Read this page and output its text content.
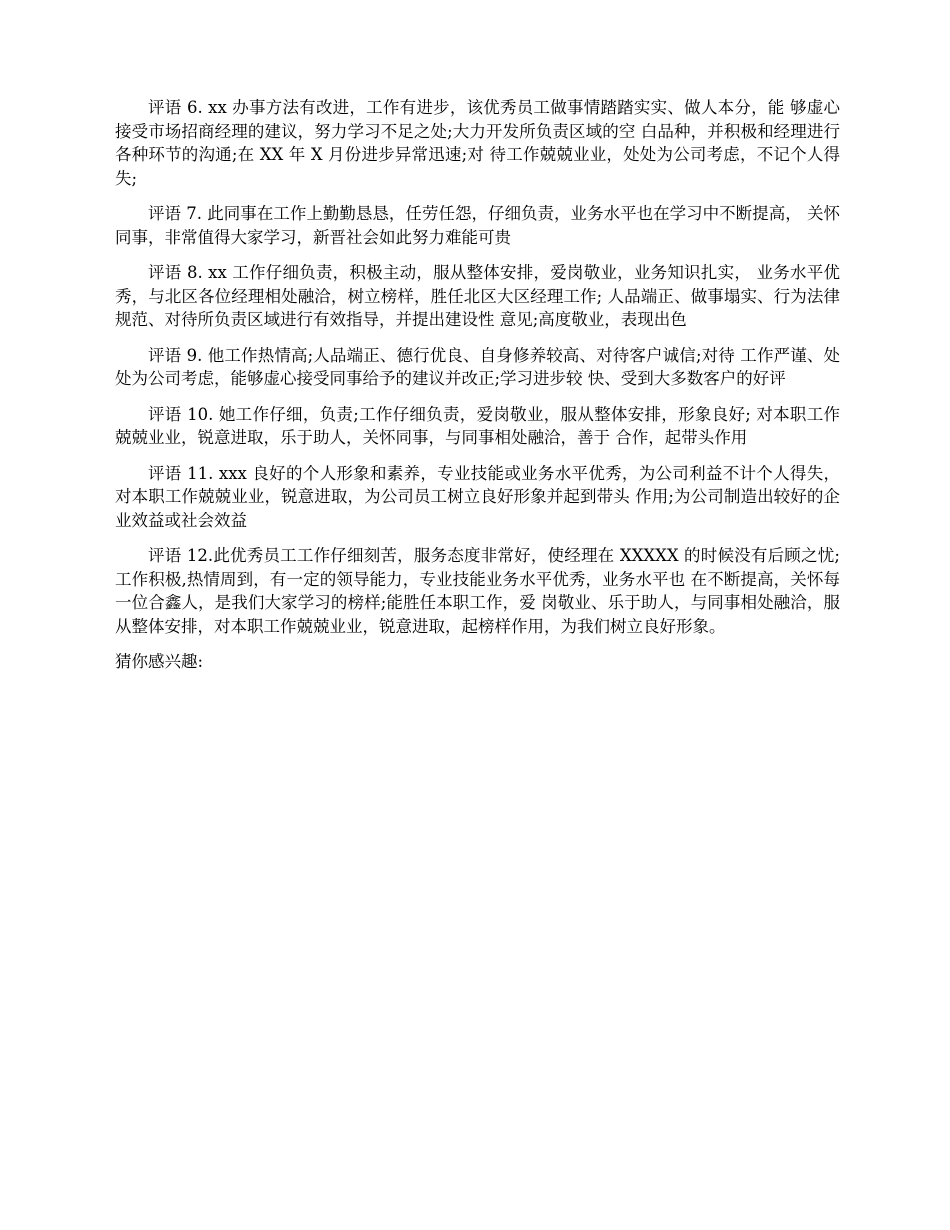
评语 6. xx 办事方法有改进，工作有进步，该优秀员工做事情踏踏实实、做人本分，能 够虚心接受市场招商经理的建议，努力学习不足之处;大力开发所负责区域的空 白品种，并积极和经理进行各种环节的沟通;在 XX 年 X 月份进步异常迅速;对 待工作兢兢业业，处处为公司考虑，不记个人得失;

评语 7. 此同事在工作上勤勤恳恳，任劳任怨，仔细负责，业务水平也在学习中不断提高， 关怀同事，非常值得大家学习，新晋社会如此努力难能可贵

评语 8. xx 工作仔细负责，积极主动，服从整体安排，爱岗敬业，业务知识扎实， 业务水平优秀，与北区各位经理相处融洽，树立榜样，胜任北区大区经理工作; 人品端正、做事塌实、行为法律规范、对待所负责区域进行有效指导，并提出建设性 意见;高度敬业，表现出色

评语 9. 他工作热情高;人品端正、德行优良、自身修养较高、对待客户诚信;对待 工作严谨、处处为公司考虑，能够虚心接受同事给予的建议并改正;学习进步较 快、受到大多数客户的好评

评语 10. 她工作仔细，负责;工作仔细负责，爱岗敬业，服从整体安排，形象良好; 对本职工作兢兢业业，锐意进取，乐于助人，关怀同事，与同事相处融洽，善于 合作，起带头作用

评语 11. xxx 良好的个人形象和素养，专业技能或业务水平优秀，为公司利益不计个人得失，对本职工作兢兢业业，锐意进取，为公司员工树立良好形象并起到带头 作用;为公司制造出较好的企业效益或社会效益

评语 12.此优秀员工工作仔细刻苦，服务态度非常好，使经理在 XXXXX 的时候没有后顾之忧; 工作积极,热情周到，有一定的领导能力，专业技能业务水平优秀，业务水平也 在不断提高，关怀每一位合鑫人，是我们大家学习的榜样;能胜任本职工作，爱 岗敬业、乐于助人，与同事相处融洽，服从整体安排，对本职工作兢兢业业，锐意进取，起榜样作用，为我们树立良好形象。

猜你感兴趣:
